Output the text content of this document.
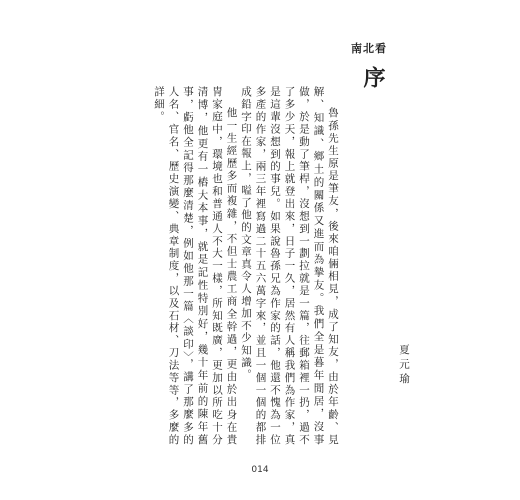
南北看
序

魯孫先生原是筆友，後來咱倆相見，成了知友，由於年齡、見解、知識、鄉土的關係又進而為摯友。我們全是暮年閒居，沒事做，於是動了筆桿，沒想到一劃拉就是一篇，往郵箱裡一扔，過不了多少天，報上就登出來，日子一久，居然有人稱我們為作家，真是這輩沒想到的事兒。如果說魯孫兄為作家的話，他還不愧為一位多產的作家，兩三年裡寫過二十五六萬字來，並且一個一個的都排成鉛字印在報上，嗌了他的文章真令人增加不少知識。

他一生經歷多而複雜，不但士農工商全幹過，更由於出身在貴冑家庭中，環境也和普通人不大一樣，所知既廣，更加以所吃十分清博，他更有一樁大本事，就是記性特別好，幾十年前的陳年舊事，虧他全記得那麼清楚，例如他那一篇〈談印〉，講了那麼多的人名、官名、歷史演變、典章制度，以及石材、刀法等等，多麼的詳細。

夏元瑜
014
